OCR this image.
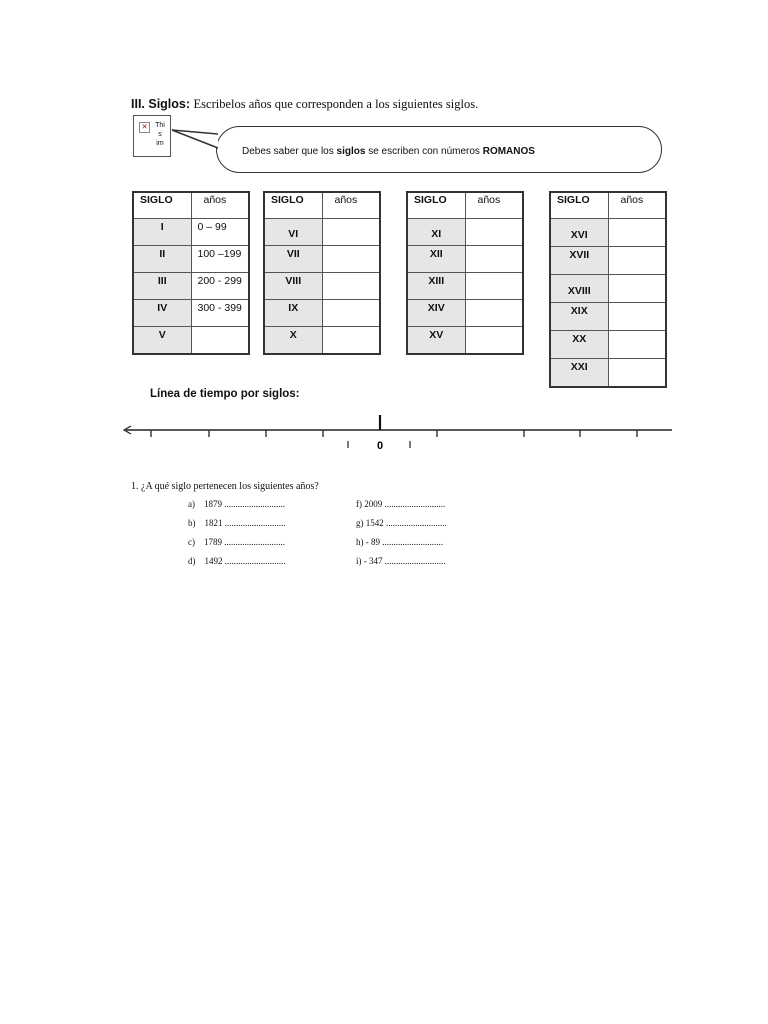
III. Siglos: Escribelos años que corresponden a los siguientes siglos.
✕	Thi
s
im
Debes saber que los siglos se escriben con números ROMANOS
SIGLO	años
I	0 – 99
II	100 –199
III	200 - 299
IV	300 - 399
V	
SIGLO	años
VI	
VII	
VIII	
IX	
X	
SIGLO	años
XI	
XII	
XIII	
XIV	
XV	
SIGLO	años
XVI	
XVII	
XVIII	
XIX	
XX	
XXI	
Línea de tiempo por siglos:
0
1. ¿A qué siglo pertenecen los siguientes años?
a) 1879 ...........................
b) 1821 ...........................
c) 1789 ...........................
d) 1492 ...........................
f) 2009 ...........................
g) 1542 ...........................
h) - 89 ...........................
i) - 347 ...........................
